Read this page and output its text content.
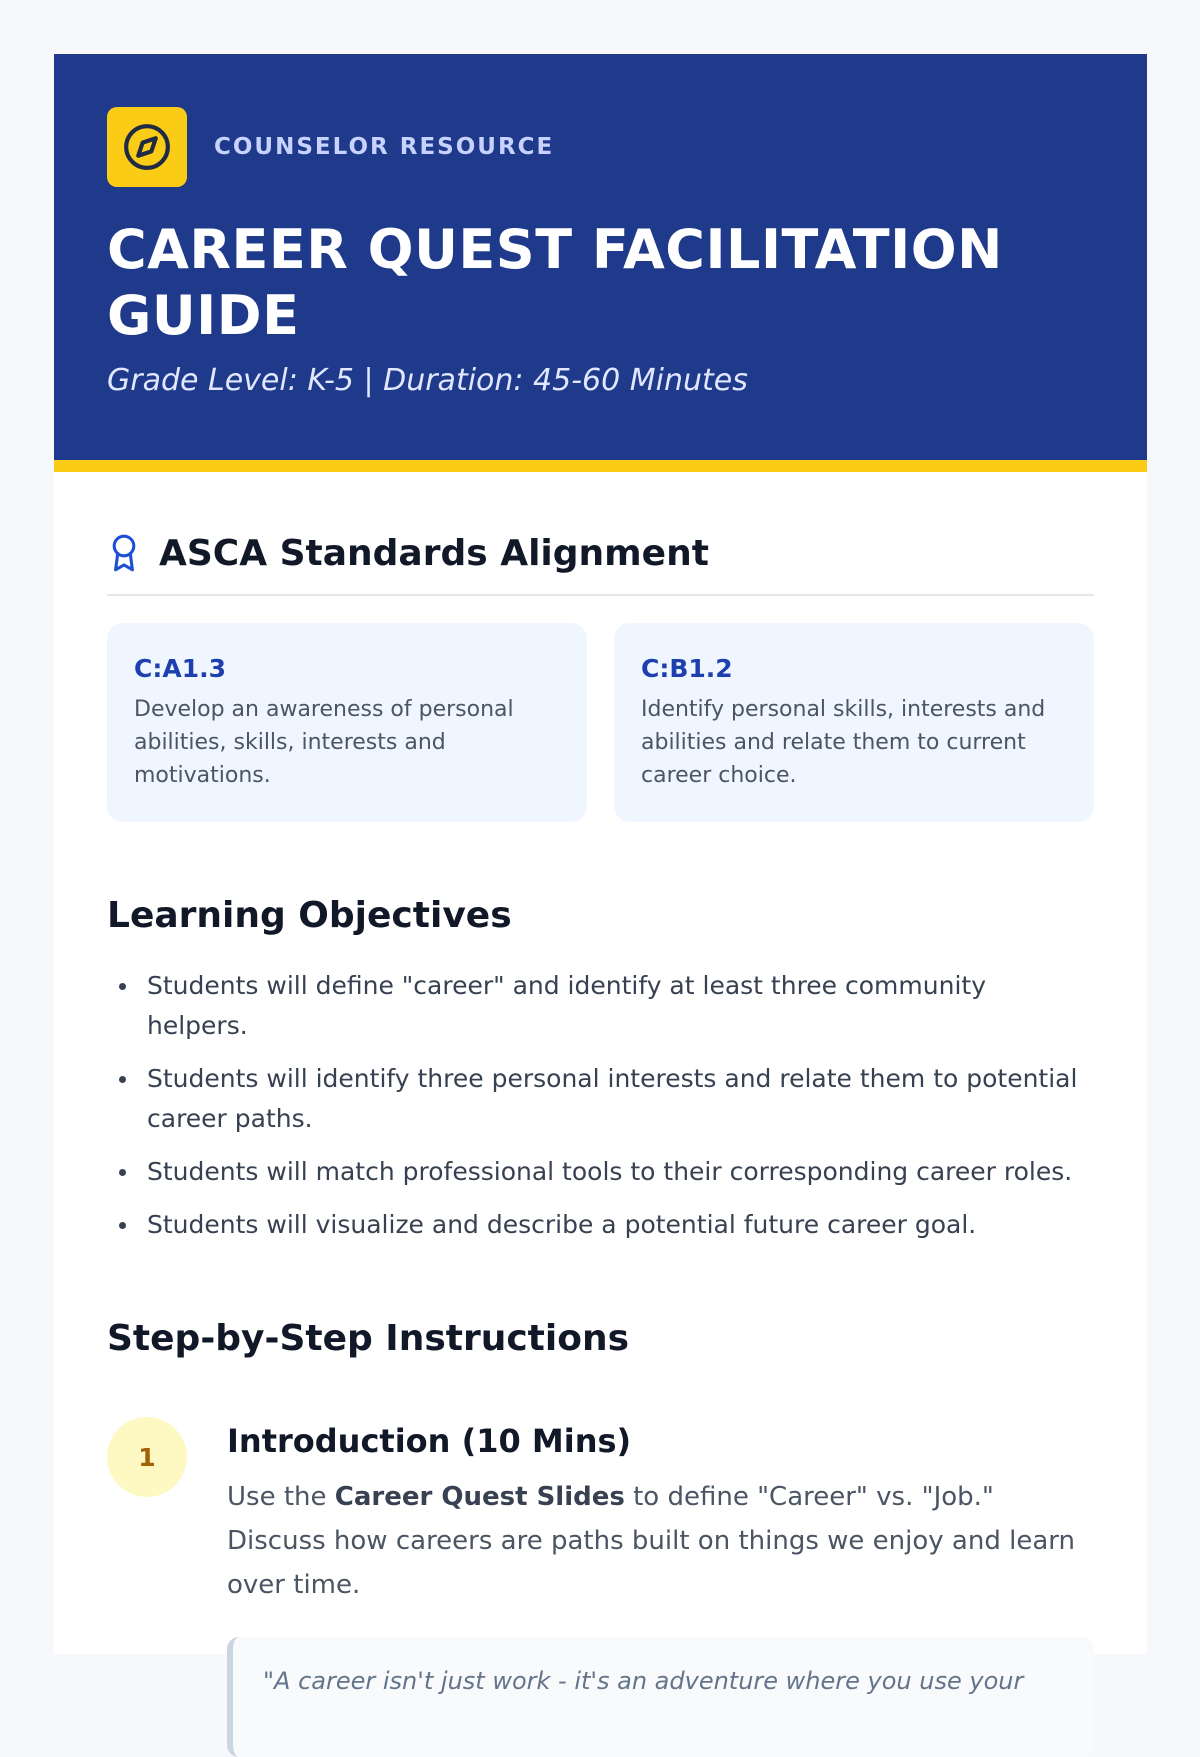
COUNSELOR RESOURCE
CAREER QUEST FACILITATION GUIDE
Grade Level: K-5 | Duration: 45-60 Minutes
ASCA Standards Alignment
C:A1.3
Develop an awareness of personal abilities, skills, interests and motivations.
C:B1.2
Identify personal skills, interests and abilities and relate them to current career choice.
Learning Objectives
Students will define "career" and identify at least three community helpers.
Students will identify three personal interests and relate them to potential career paths.
Students will match professional tools to their corresponding career roles.
Students will visualize and describe a potential future career goal.
Step-by-Step Instructions
1	Introduction (10 Mins)

Use the Career Quest Slides to define "Career" vs. "Job." Discuss how careers are paths built on things we enjoy and learn over time.

"A career isn't just work - it's an adventure where you use your
